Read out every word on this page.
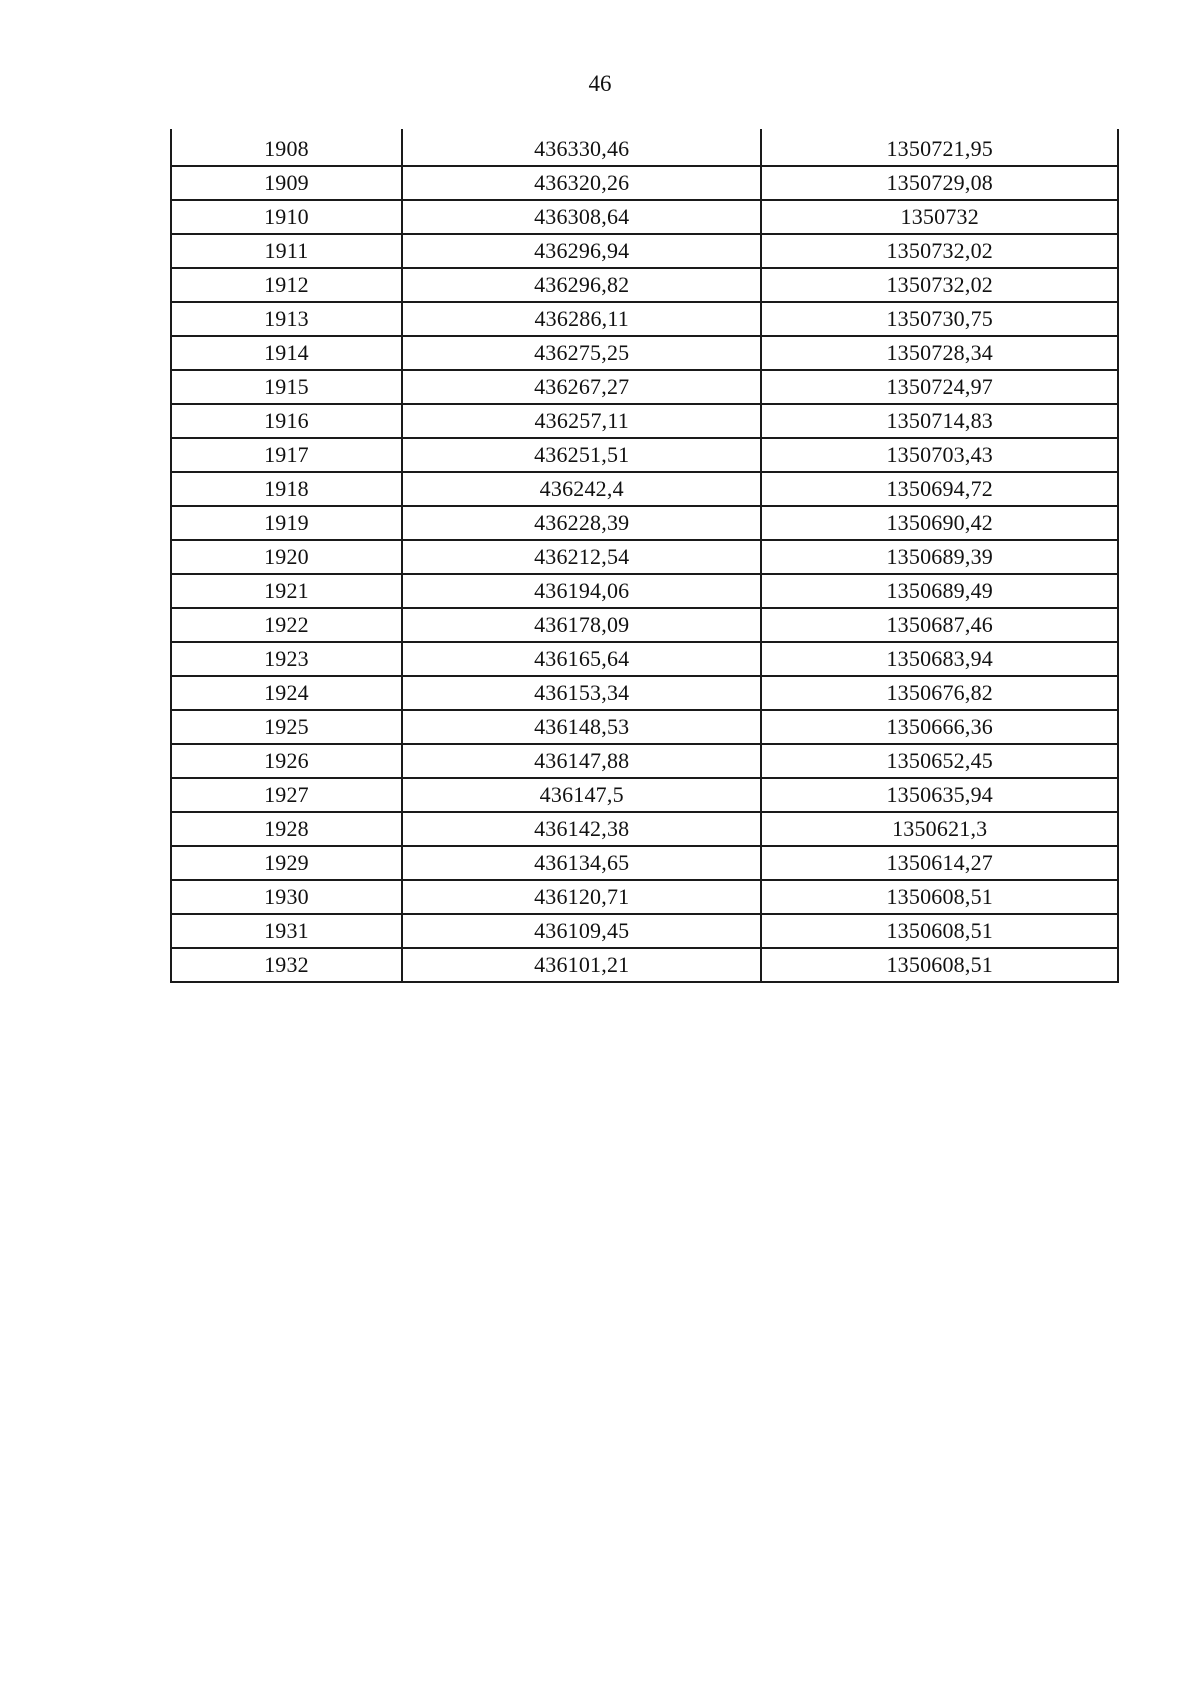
46
1908	436330,46	1350721,95
1909	436320,26	1350729,08
1910	436308,64	1350732
1911	436296,94	1350732,02
1912	436296,82	1350732,02
1913	436286,11	1350730,75
1914	436275,25	1350728,34
1915	436267,27	1350724,97
1916	436257,11	1350714,83
1917	436251,51	1350703,43
1918	436242,4	1350694,72
1919	436228,39	1350690,42
1920	436212,54	1350689,39
1921	436194,06	1350689,49
1922	436178,09	1350687,46
1923	436165,64	1350683,94
1924	436153,34	1350676,82
1925	436148,53	1350666,36
1926	436147,88	1350652,45
1927	436147,5	1350635,94
1928	436142,38	1350621,3
1929	436134,65	1350614,27
1930	436120,71	1350608,51
1931	436109,45	1350608,51
1932	436101,21	1350608,51
